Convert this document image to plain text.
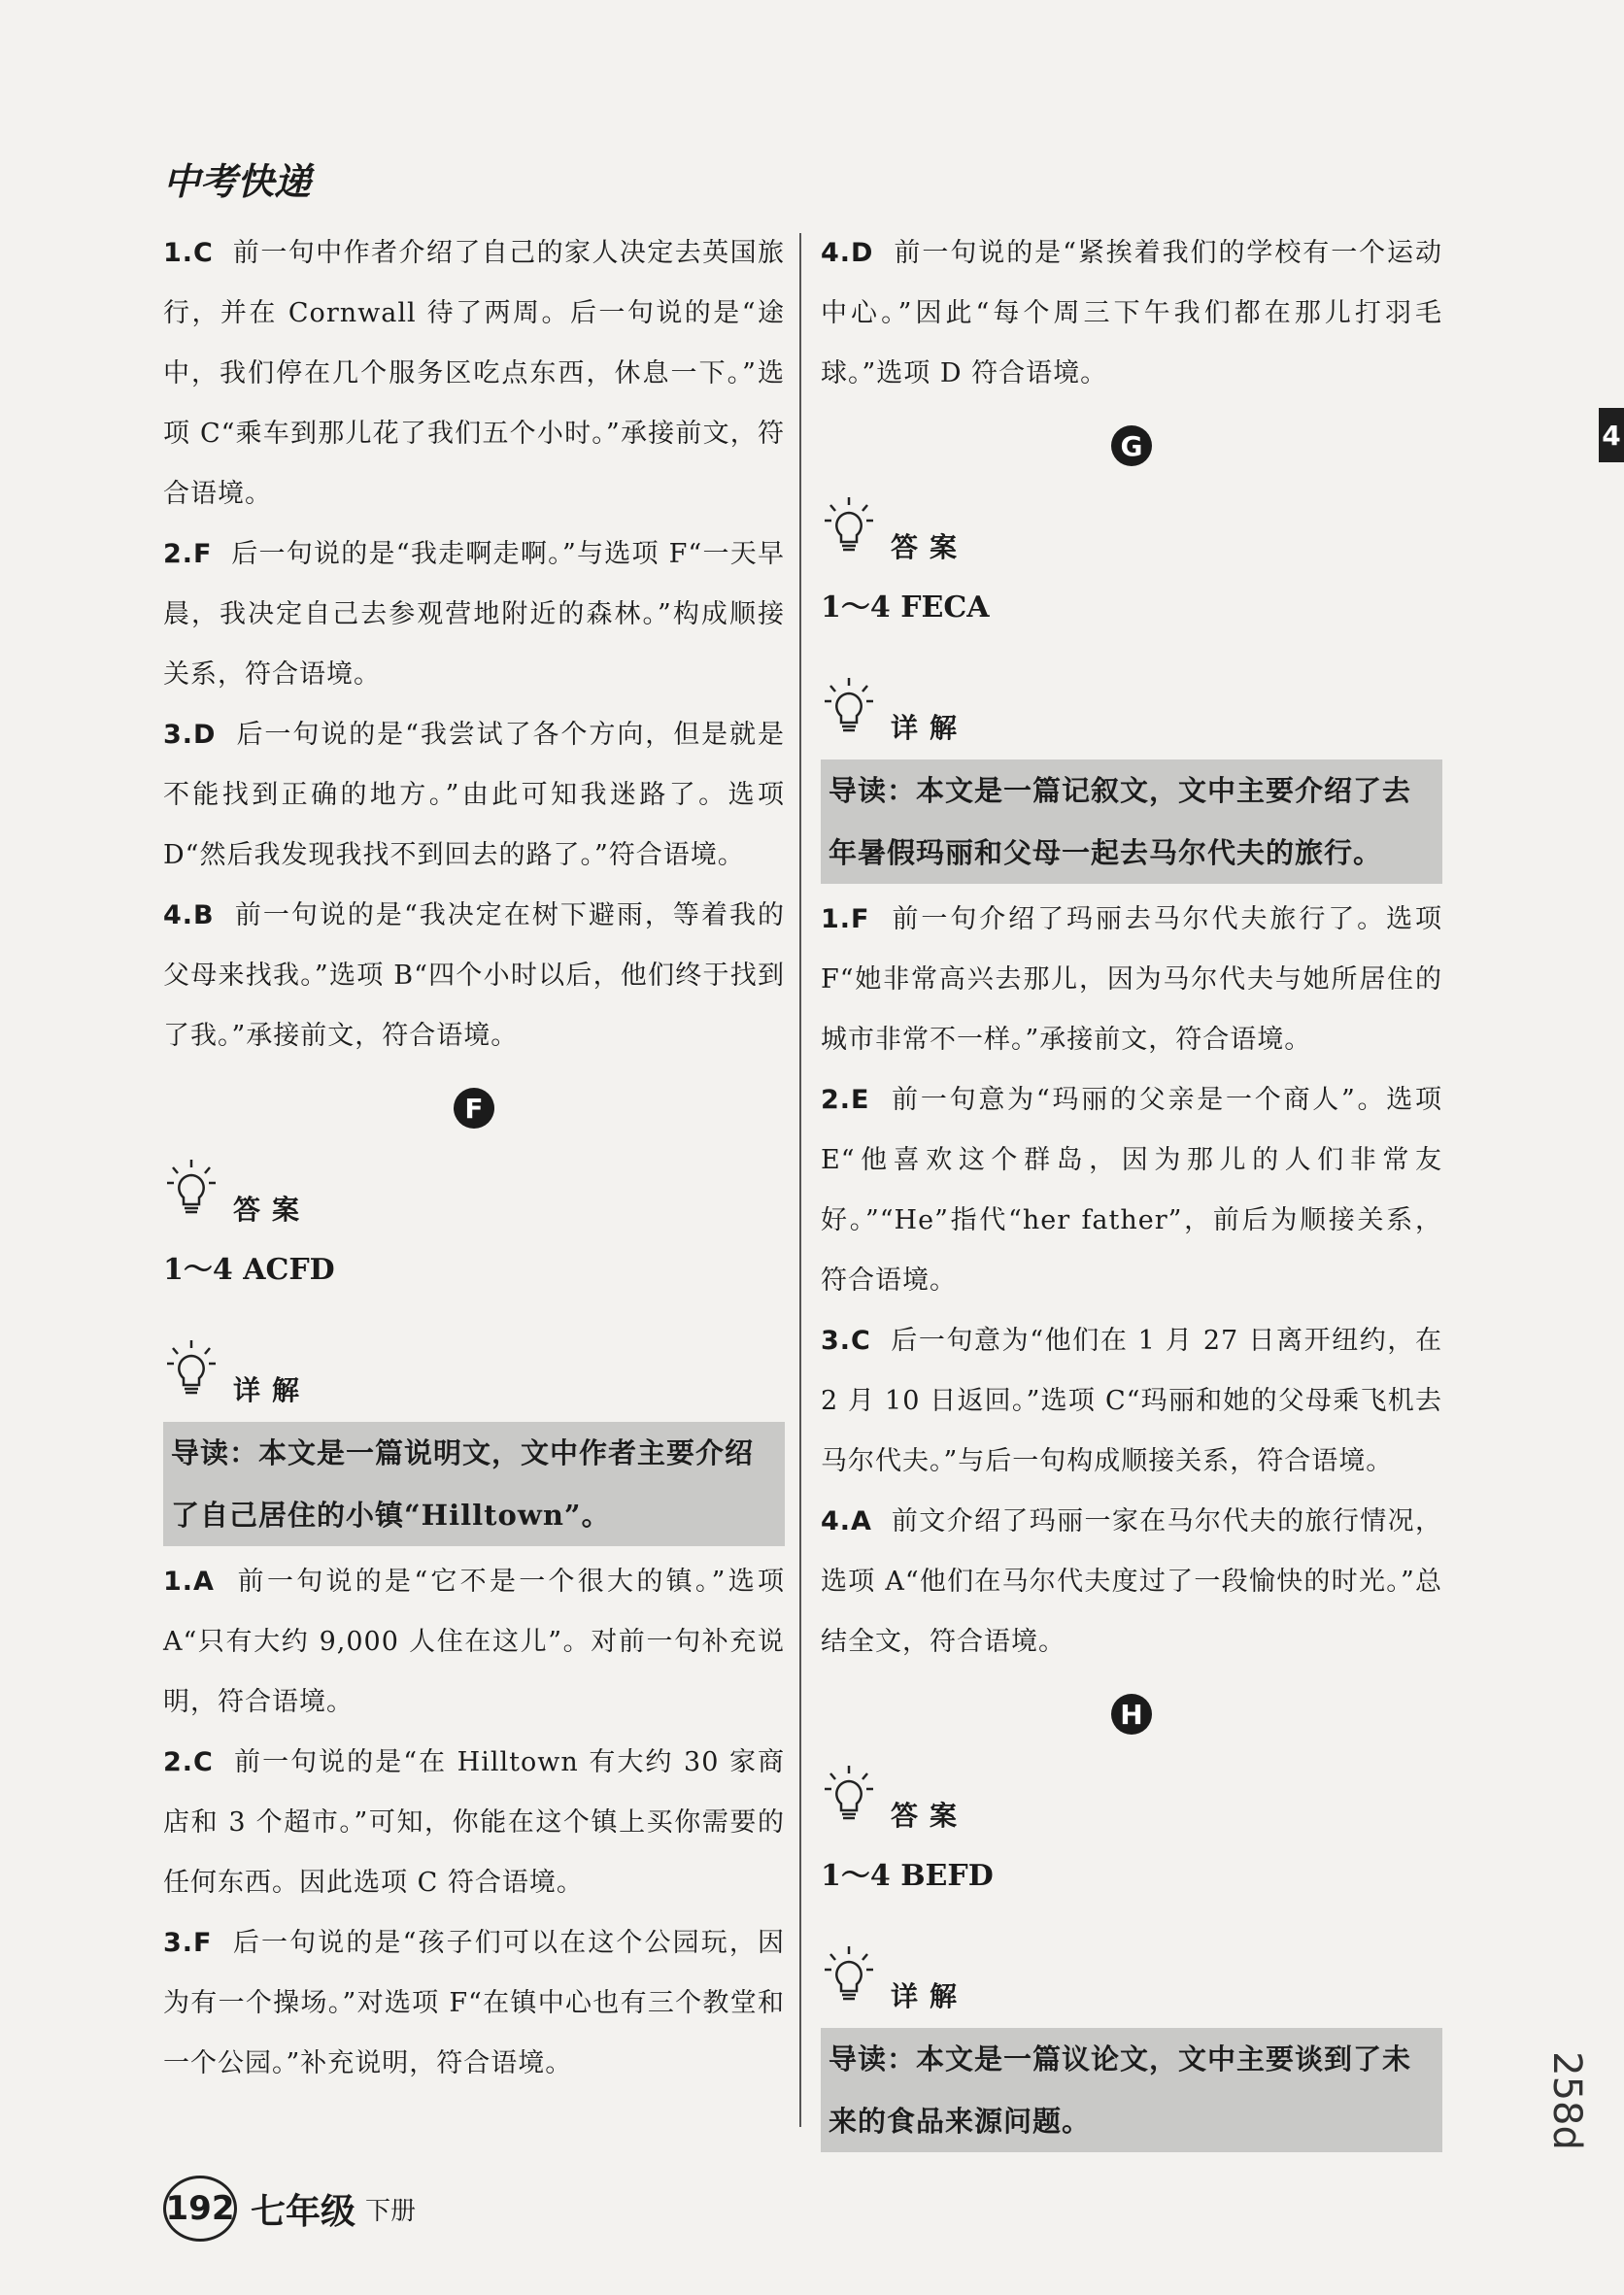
中考快递
4
258d

1.C 前一句中作者介绍了自己的家人决定去英国旅行，并在 Cornwall 待了两周。后一句说的是“途中，我们停在几个服务区吃点东西，休息一下。”选项 C“乘车到那儿花了我们五个小时。”承接前文，符合语境。

2.F 后一句说的是“我走啊走啊。”与选项 F“一天早晨，我决定自己去参观营地附近的森林。”构成顺接关系，符合语境。

3.D 后一句说的是“我尝试了各个方向，但是就是不能找到正确的地方。”由此可知我迷路了。选项 D“然后我发现我找不到回去的路了。”符合语境。

4.B 前一句说的是“我决定在树下避雨，等着我的父母来找我。”选项 B“四个小时以后，他们终于找到了我。”承接前文，符合语境。

F
答案
1～4 ACFD
详解
导读：本文是一篇说明文，文中作者主要介绍了自己居住的小镇“Hilltown”。

1.A 前一句说的是“它不是一个很大的镇。”选项 A“只有大约 9,000 人住在这儿”。对前一句补充说明，符合语境。

2.C 前一句说的是“在 Hilltown 有大约 30 家商店和 3 个超市。”可知，你能在这个镇上买你需要的任何东西。因此选项 C 符合语境。

3.F 后一句说的是“孩子们可以在这个公园玩，因为有一个操场。”对选项 F“在镇中心也有三个教堂和一个公园。”补充说明，符合语境。

4.D 前一句说的是“紧挨着我们的学校有一个运动中心。”因此“每个周三下午我们都在那儿打羽毛球。”选项 D 符合语境。

G
答案
1～4 FECA
详解
导读：本文是一篇记叙文，文中主要介绍了去年暑假玛丽和父母一起去马尔代夫的旅行。

1.F 前一句介绍了玛丽去马尔代夫旅行了。选项 F“她非常高兴去那儿，因为马尔代夫与她所居住的城市非常不一样。”承接前文，符合语境。

2.E 前一句意为“玛丽的父亲是一个商人”。选项 E“他喜欢这个群岛，因为那儿的人们非常友好。”“He”指代“her father”，前后为顺接关系，符合语境。

3.C 后一句意为“他们在 1 月 27 日离开纽约，在 2 月 10 日返回。”选项 C“玛丽和她的父母乘飞机去马尔代夫。”与后一句构成顺接关系，符合语境。

4.A 前文介绍了玛丽一家在马尔代夫的旅行情况，选项 A“他们在马尔代夫度过了一段愉快的时光。”总结全文，符合语境。

H
答案
1～4 BEFD
详解
导读：本文是一篇议论文，文中主要谈到了未来的食品来源问题。
192 七年级 下册
